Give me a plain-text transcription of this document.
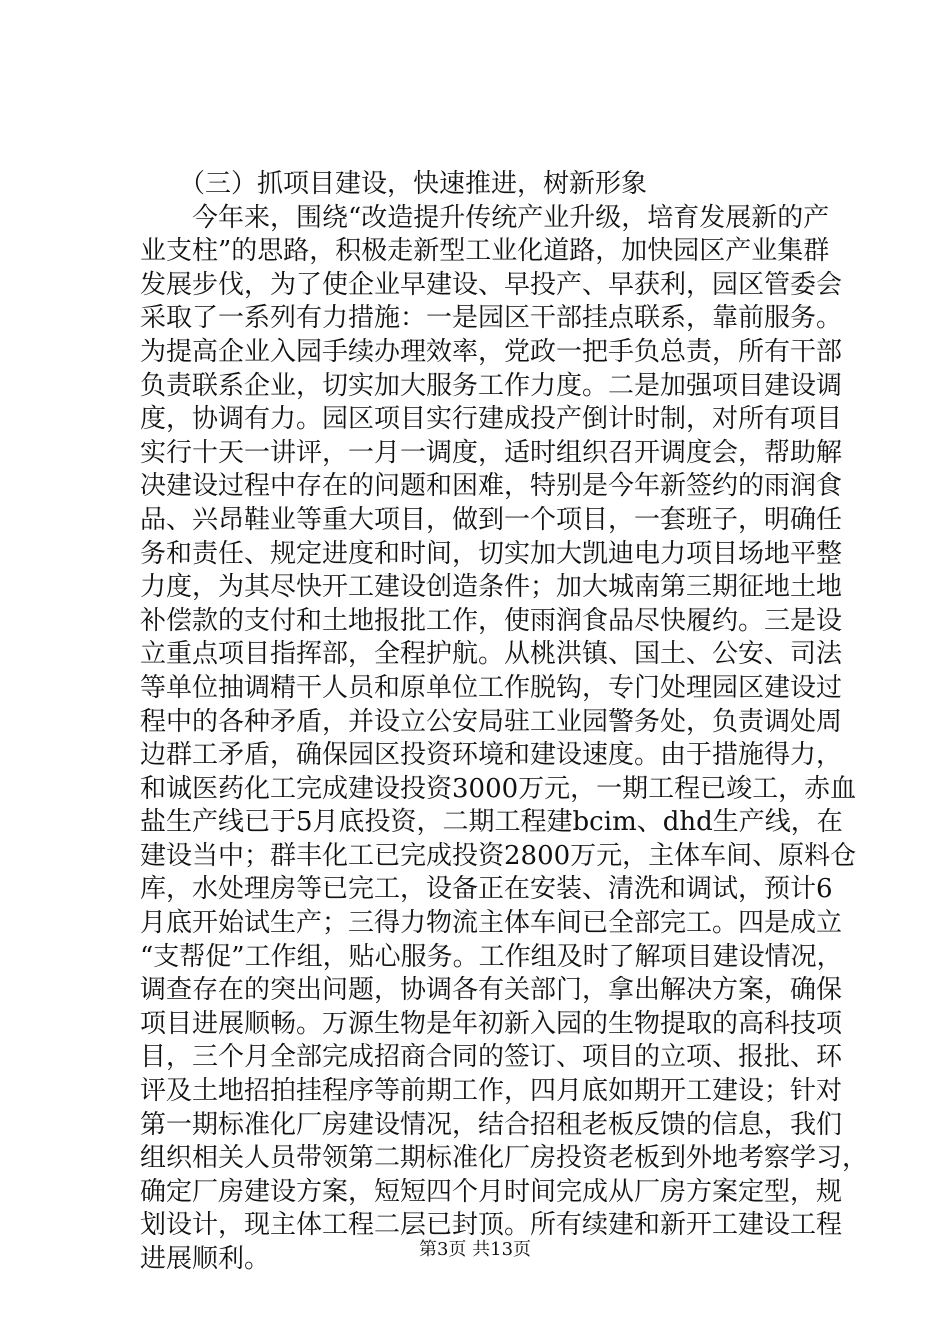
　　（三）抓项目建设，快速推进，树新形象
　　今年来，围绕“改造提升传统产业升级，培育发展新的产
业支柱”的思路，积极走新型工业化道路，加快园区产业集群
发展步伐，为了使企业早建设、早投产、早获利，园区管委会
采取了一系列有力措施：一是园区干部挂点联系，靠前服务。
为提高企业入园手续办理效率，党政一把手负总责，所有干部
负责联系企业，切实加大服务工作力度。二是加强项目建设调
度，协调有力。园区项目实行建成投产倒计时制，对所有项目
实行十天一讲评，一月一调度，适时组织召开调度会，帮助解
决建设过程中存在的问题和困难，特别是今年新签约的雨润食
品、兴昂鞋业等重大项目，做到一个项目，一套班子，明确任
务和责任、规定进度和时间，切实加大凯迪电力项目场地平整
力度，为其尽快开工建设创造条件；加大城南第三期征地土地
补偿款的支付和土地报批工作，使雨润食品尽快履约。三是设
立重点项目指挥部，全程护航。从桃洪镇、国土、公安、司法
等单位抽调精干人员和原单位工作脱钩，专门处理园区建设过
程中的各种矛盾，并设立公安局驻工业园警务处，负责调处周
边群工矛盾，确保园区投资环境和建设速度。由于措施得力，
和诚医药化工完成建设投资3000万元，一期工程已竣工，赤血
盐生产线已于5月底投资，二期工程建bcim、dhd生产线，在
建设当中；群丰化工已完成投资2800万元，主体车间、原料仓
库，水处理房等已完工，设备正在安装、清洗和调试，预计6
月底开始试生产；三得力物流主体车间已全部完工。四是成立
“支帮促”工作组，贴心服务。工作组及时了解项目建设情况，
调查存在的突出问题，协调各有关部门，拿出解决方案，确保
项目进展顺畅。万源生物是年初新入园的生物提取的高科技项
目，三个月全部完成招商合同的签订、项目的立项、报批、环
评及土地招拍挂程序等前期工作，四月底如期开工建设；针对
第一期标准化厂房建设情况，结合招租老板反馈的信息，我们
组织相关人员带领第二期标准化厂房投资老板到外地考察学习，
确定厂房建设方案，短短四个月时间完成从厂房方案定型，规
划设计，现主体工程二层已封顶。所有续建和新开工建设工程
进展顺利。	第3页 共13页
